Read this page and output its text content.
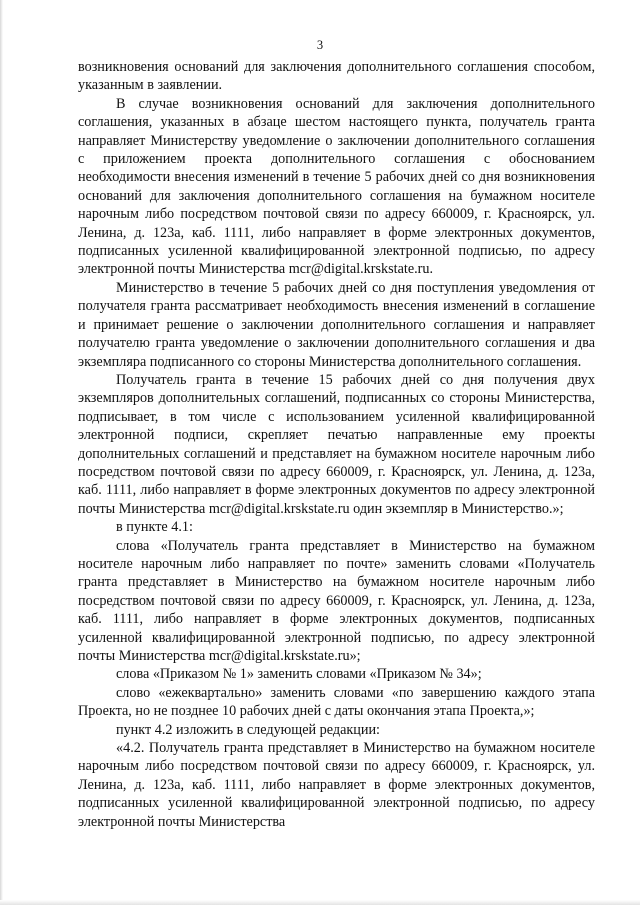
3

возникновения оснований для заключения дополнительного соглашения способом, указанным в заявлении.

В случае возникновения оснований для заключения дополнительного соглашения, указанных в абзаце шестом настоящего пункта, получатель гранта направляет Министерству уведомление о заключении дополнительного соглашения с приложением проекта дополнительного соглашения с обоснованием необходимости внесения изменений в течение 5 рабочих дней со дня возникновения оснований для заключения дополнительного соглашения на бумажном носителе нарочным либо посредством почтовой связи по адресу 660009, г. Красноярск, ул. Ленина, д. 123а, каб. 1111, либо направляет в форме электронных документов, подписанных усиленной квалифицированной электронной подписью, по адресу электронной почты Министерства mcr@digital.krskstate.ru.

Министерство в течение 5 рабочих дней со дня поступления уведомления от получателя гранта рассматривает необходимость внесения изменений в соглашение и принимает решение о заключении дополнительного соглашения и направляет получателю гранта уведомление о заключении дополнительного соглашения и два экземпляра подписанного со стороны Министерства дополнительного соглашения.

Получатель гранта в течение 15 рабочих дней со дня получения двух экземпляров дополнительных соглашений, подписанных со стороны Министерства, подписывает, в том числе с использованием усиленной квалифицированной электронной подписи, скрепляет печатью направленные ему проекты дополнительных соглашений и представляет на бумажном носителе нарочным либо посредством почтовой связи по адресу 660009, г. Красноярск, ул. Ленина, д. 123а, каб. 1111, либо направляет в форме электронных документов по адресу электронной почты Министерства mcr@digital.krskstate.ru один экземпляр в Министерство.»;

в пункте 4.1:

слова «Получатель гранта представляет в Министерство на бумажном носителе нарочным либо направляет по почте» заменить словами «Получатель гранта представляет в Министерство на бумажном носителе нарочным либо посредством почтовой связи по адресу 660009, г. Красноярск, ул. Ленина, д. 123а, каб. 1111, либо направляет в форме электронных документов, подписанных усиленной квалифицированной электронной подписью, по адресу электронной почты Министерства mcr@digital.krskstate.ru»;

слова «Приказом № 1» заменить словами «Приказом № 34»;

слово «ежеквартально» заменить словами «по завершению каждого этапа Проекта, но не позднее 10 рабочих дней с даты окончания этапа Проекта,»;

пункт 4.2 изложить в следующей редакции:

«4.2. Получатель гранта представляет в Министерство на бумажном носителе нарочным либо посредством почтовой связи по адресу 660009, г. Красноярск, ул. Ленина, д. 123а, каб. 1111, либо направляет в форме электронных документов, подписанных усиленной квалифицированной электронной подписью, по адресу электронной почты Министерства
